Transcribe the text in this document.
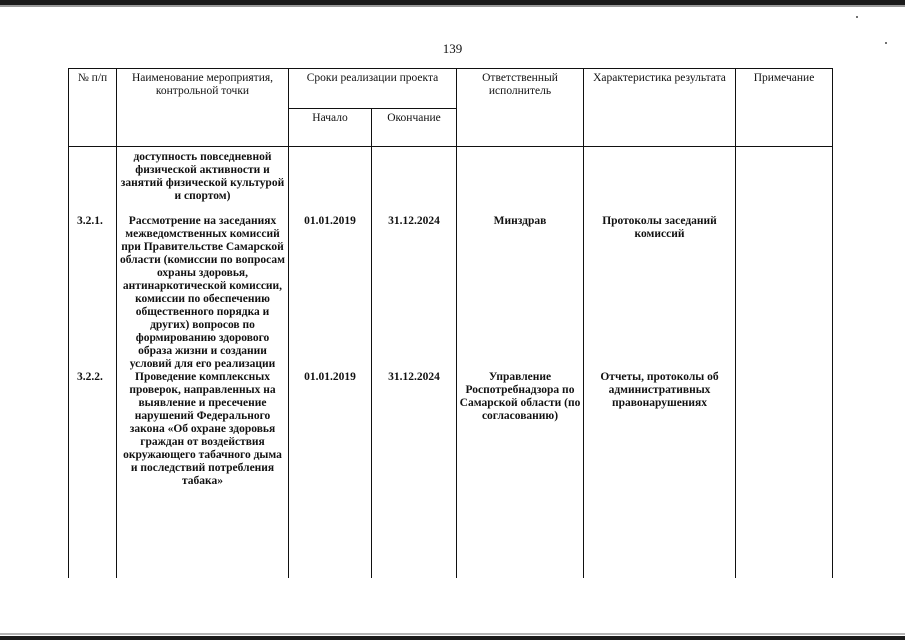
139
№ п/п	Наименование мероприятия, контрольной точки	Сроки реализации проекта		Ответственный исполнитель	Характеристика результата	Примечание
		Начало	Окончание			
	доступность повседневной физической активности и занятий физической культурой и спортом)					
3.2.1.	Рассмотрение на заседаниях межведомственных комиссий при Правительстве Самарской области (комиссии по вопросам охраны здоровья, антинаркотической комиссии, комиссии по обеспечению общественного порядка и других) вопросов по формированию здорового образа жизни и создании условий для его реализации	01.01.2019	31.12.2024	Минздрав	Протоколы заседаний комиссий	
3.2.2.	Проведение комплексных проверок, направленных на выявление и пресечение нарушений Федерального закона «Об охране здоровья граждан от воздействия окружающего табачного дыма и последствий потребления табака»	01.01.2019	31.12.2024	Управление Роспотребнадзора по Самарской области (по согласованию)	Отчеты, протоколы об административных правонарушениях	
